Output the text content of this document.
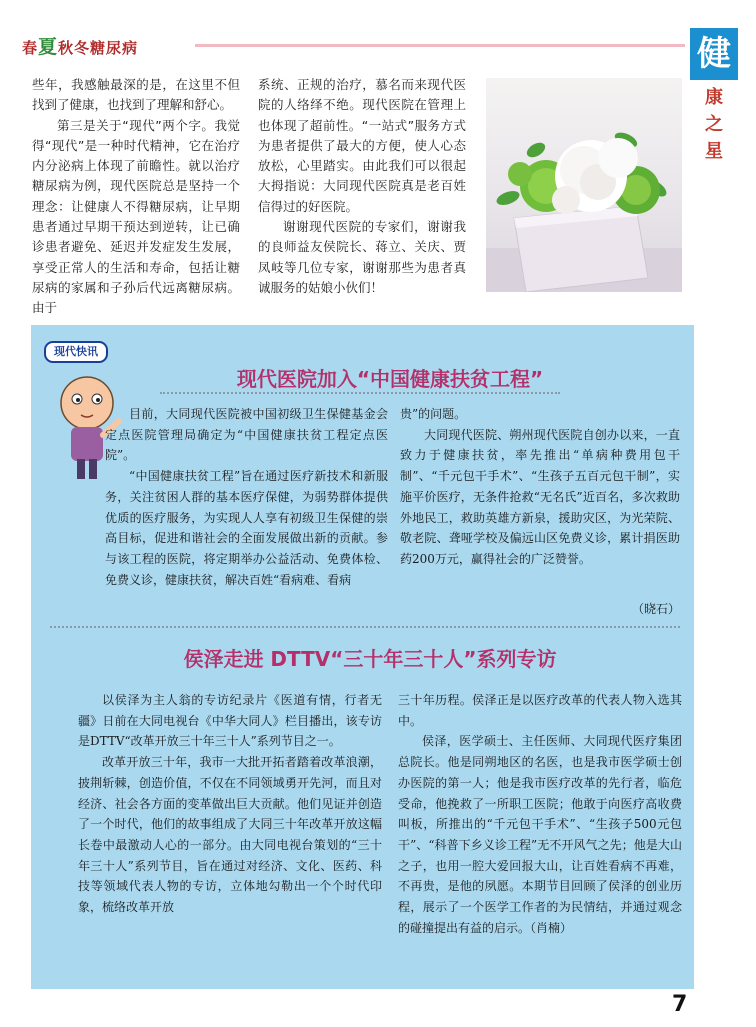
春夏秋冬糖尿病	健
康
之
星

些年，我感触最深的是，在这里不但找到了健康，也找到了理解和舒心。

第三是关于“现代”两个字。我觉得“现代”是一种时代精神，它在治疗内分泌病上体现了前瞻性。就以治疗糖尿病为例，现代医院总是坚持一个理念：让健康人不得糖尿病，让早期患者通过早期干预达到逆转，让已确诊患者避免、延迟并发症发生发展，享受正常人的生活和寿命，包括让糖尿病的家属和子孙后代远离糖尿病。由于

系统、正规的治疗，慕名而来现代医院的人络绎不绝。现代医院在管理上也体现了超前性。“一站式”服务方式为患者提供了最大的方便，使人心态放松，心里踏实。由此我们可以很起大拇指说：大同现代医院真是老百姓信得过的好医院。

谢谢现代医院的专家们，谢谢我的良师益友侯院长、蒋立、关庆、贾凤岐等几位专家，谢谢那些为患者真诚服务的姑娘小伙们！

现代快讯
现代医院加入“中国健康扶贫工程”

目前，大同现代医院被中国初级卫生保健基金会定点医院管理局确定为“中国健康扶贫工程定点医院”。

“中国健康扶贫工程”旨在通过医疗新技术和新服务，关注贫困人群的基本医疗保健，为弱势群体提供优质的医疗服务，为实现人人享有初级卫生保健的崇高目标，促进和谐社会的全面发展做出新的贡献。参与该工程的医院，将定期举办公益活动、免费体检、免费义诊，健康扶贫，解决百姓“看病难、看病

贵”的问题。

大同现代医院、朔州现代医院自创办以来，一直致力于健康扶贫，率先推出“单病种费用包干制”、“千元包干手术”、“生孩子五百元包干制”，实施平价医疗，无条件抢救“无名氏”近百名，多次救助外地民工，救助英雄方新泉，援助灾区，为光荣院、敬老院、聋哑学校及偏远山区免费义诊，累计捐医助药200万元，赢得社会的广泛赞誉。

（晓石）
侯泽走进 DTTV“三十年三十人”系列专访

以侯泽为主人翁的专访纪录片《医道有情，行者无疆》日前在大同电视台《中华大同人》栏目播出，该专访是DTTV“改革开放三十年三十人”系列节目之一。

改革开放三十年，我市一大批开拓者踏着改革浪潮，披荆斩棘，创造价值，不仅在不同领域勇开先河，而且对经济、社会各方面的变革做出巨大贡献。他们见证并创造了一个时代，他们的故事组成了大同三十年改革开放这幅长卷中最激动人心的一部分。由大同电视台策划的“三十年三十人”系列节目，旨在通过对经济、文化、医药、科技等领域代表人物的专访，立体地勾勒出一个个时代印象，梳络改革开放

三十年历程。侯泽正是以医疗改革的代表人物入选其中。

侯泽，医学硕士、主任医师、大同现代医疗集团总院长。他是同朔地区的名医，也是我市医学硕士创办医院的第一人；他是我市医疗改革的先行者，临危受命，他挽救了一所职工医院；他敢于向医疗高收费叫板，所推出的“千元包干手术”、“生孩子500元包干”、“科普下乡义诊工程”无不开风气之先；他是大山之子，也用一腔大爱回报大山，让百姓看病不再难，不再贵，是他的夙愿。本期节目回顾了侯泽的创业历程，展示了一个医学工作者的为民情结，并通过观念的碰撞提出有益的启示。（肖楠）

7
